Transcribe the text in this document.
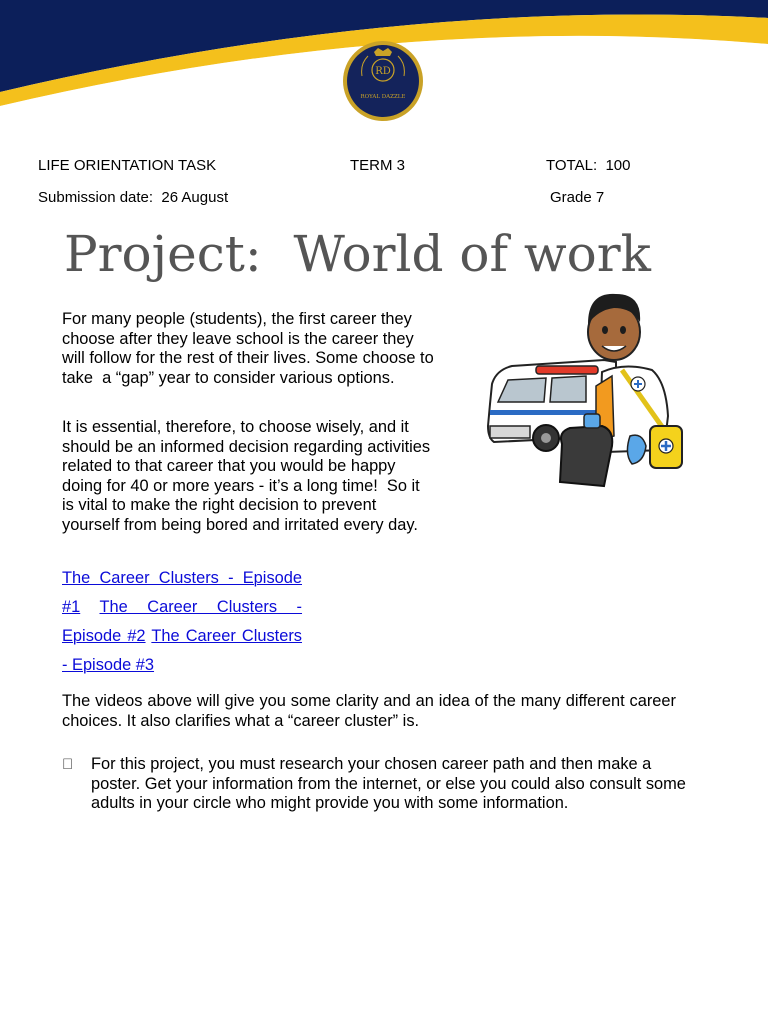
RD
ROYAL DAZZLE
LIFE ORIENTATION TASK	TERM 3	TOTAL:  100
Submission date:  26 August	Grade 7
Project:  World of work

For many people (students), the first career they choose after they leave school is the career they will follow for the rest of their lives. Some choose to take  a “gap” year to consider various options.

It is essential, therefore, to choose wisely, and it should be an informed decision regarding activities  related to that career that you would be happy doing for 40 or more years - it’s a long time!  So it is vital to make the right decision to prevent yourself from being bored and irritated every day.

The Career Clusters - Episode #1 The Career Clusters - Episode #2 The Career Clusters - Episode #3

The videos above will give you some clarity and an idea of the many different career choices. It also clarifies what a “career cluster” is.

For this project, you must research your chosen career path and then make a poster. Get your information from the internet, or else you could also consult some adults in your circle who might provide you with some information.
